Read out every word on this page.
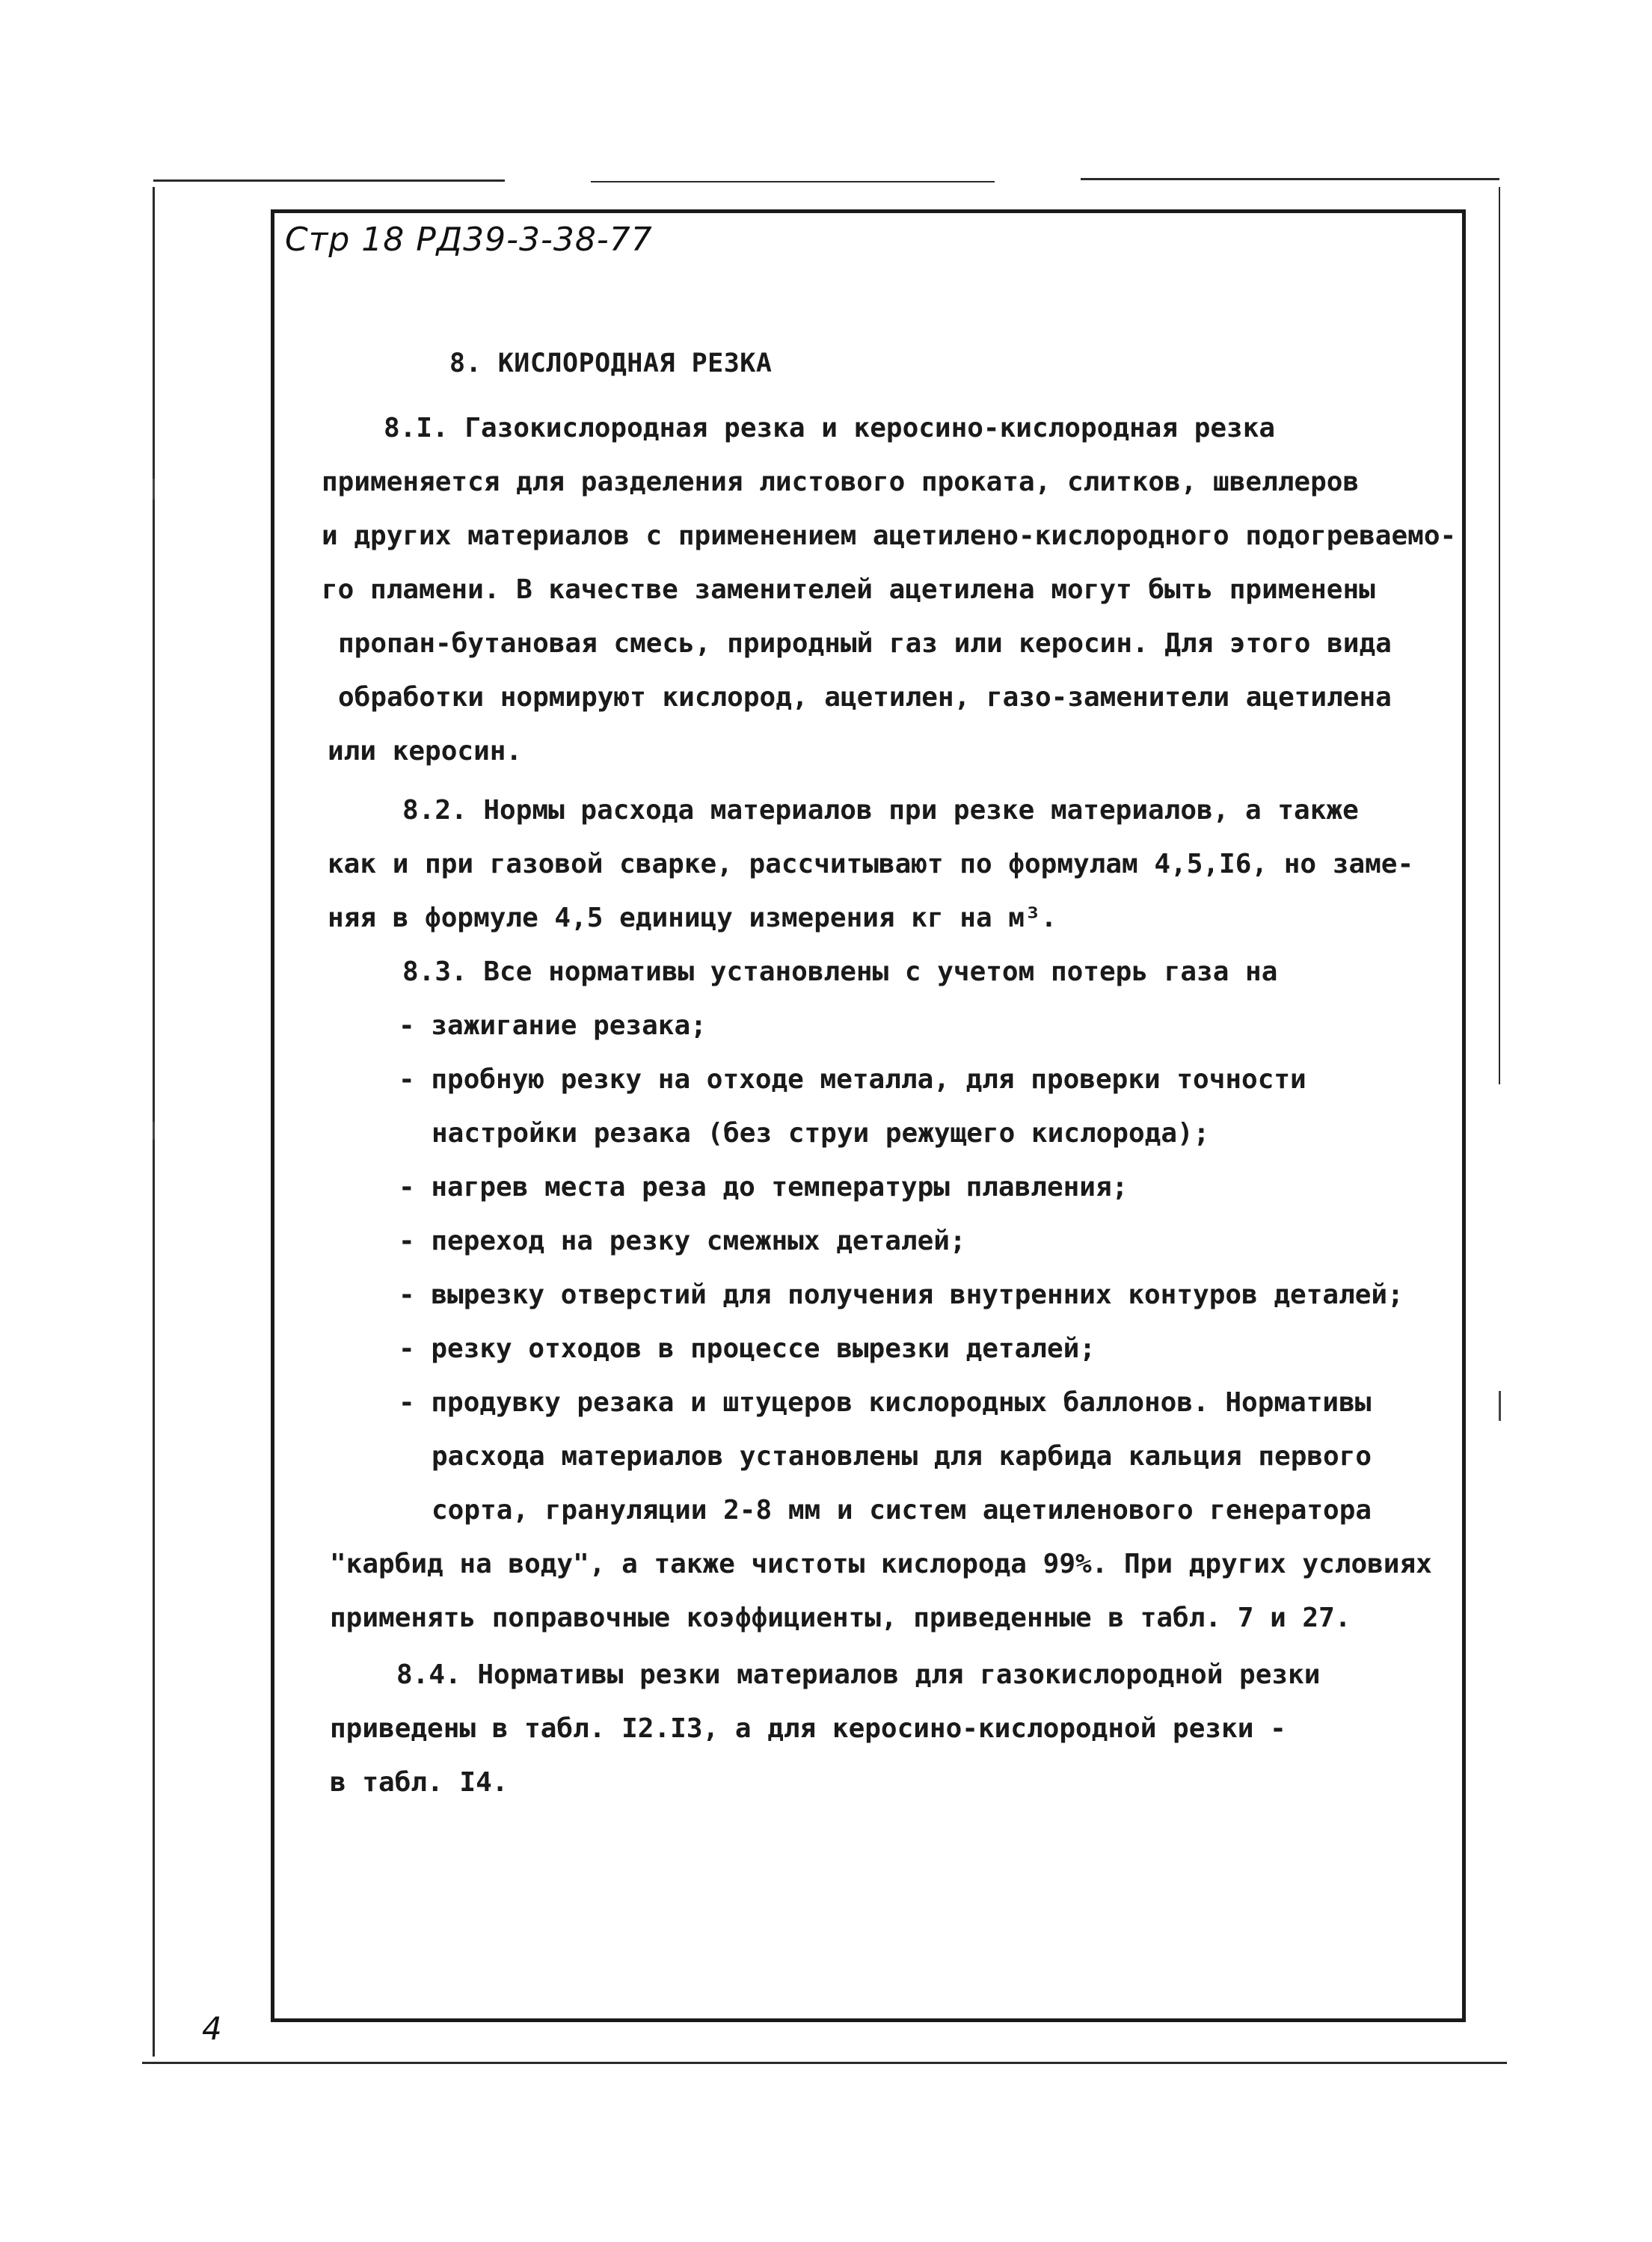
Стр 18 РД39-3-38-77
8. КИСЛОРОДНАЯ РЕЗКА
8.I. Газокислородная резка и керосино-кислородная резка
применяется для разделения листового проката, слитков, швеллеров
и других материалов с применением ацетилено-кислородного подогреваемо-
го пламени. В качестве заменителей ацетилена могут быть применены
пропан-бутановая смесь, природный газ или керосин. Для этого вида
обработки нормируют кислород, ацетилен, газо-заменители ацетилена
или керосин.
8.2. Нормы расхода материалов при резке материалов, а также
как и при газовой сварке, рассчитывают по формулам 4,5,I6, но заме-
няя в формуле 4,5 единицу измерения кг на м³.
8.3. Все нормативы установлены с учетом потерь газа на
- зажигание резака;
- пробную резку на отходе металла, для проверки точности
настройки резака (без струи режущего кислорода);
- нагрев места реза до температуры плавления;
- переход на резку смежных деталей;
- вырезку отверстий для получения внутренних контуров деталей;
- резку отходов в процессе вырезки деталей;
- продувку резака и штуцеров кислородных баллонов. Нормативы
расхода материалов установлены для карбида кальция первого
сорта, грануляции 2-8 мм и систем ацетиленового генератора
"карбид на воду", а также чистоты кислорода 99%. При других условиях
применять поправочные коэффициенты, приведенные в табл. 7 и 27.
8.4. Нормативы резки материалов для газокислородной резки
приведены в табл. I2.I3, а для керосино-кислородной резки -
в табл. I4.
4
